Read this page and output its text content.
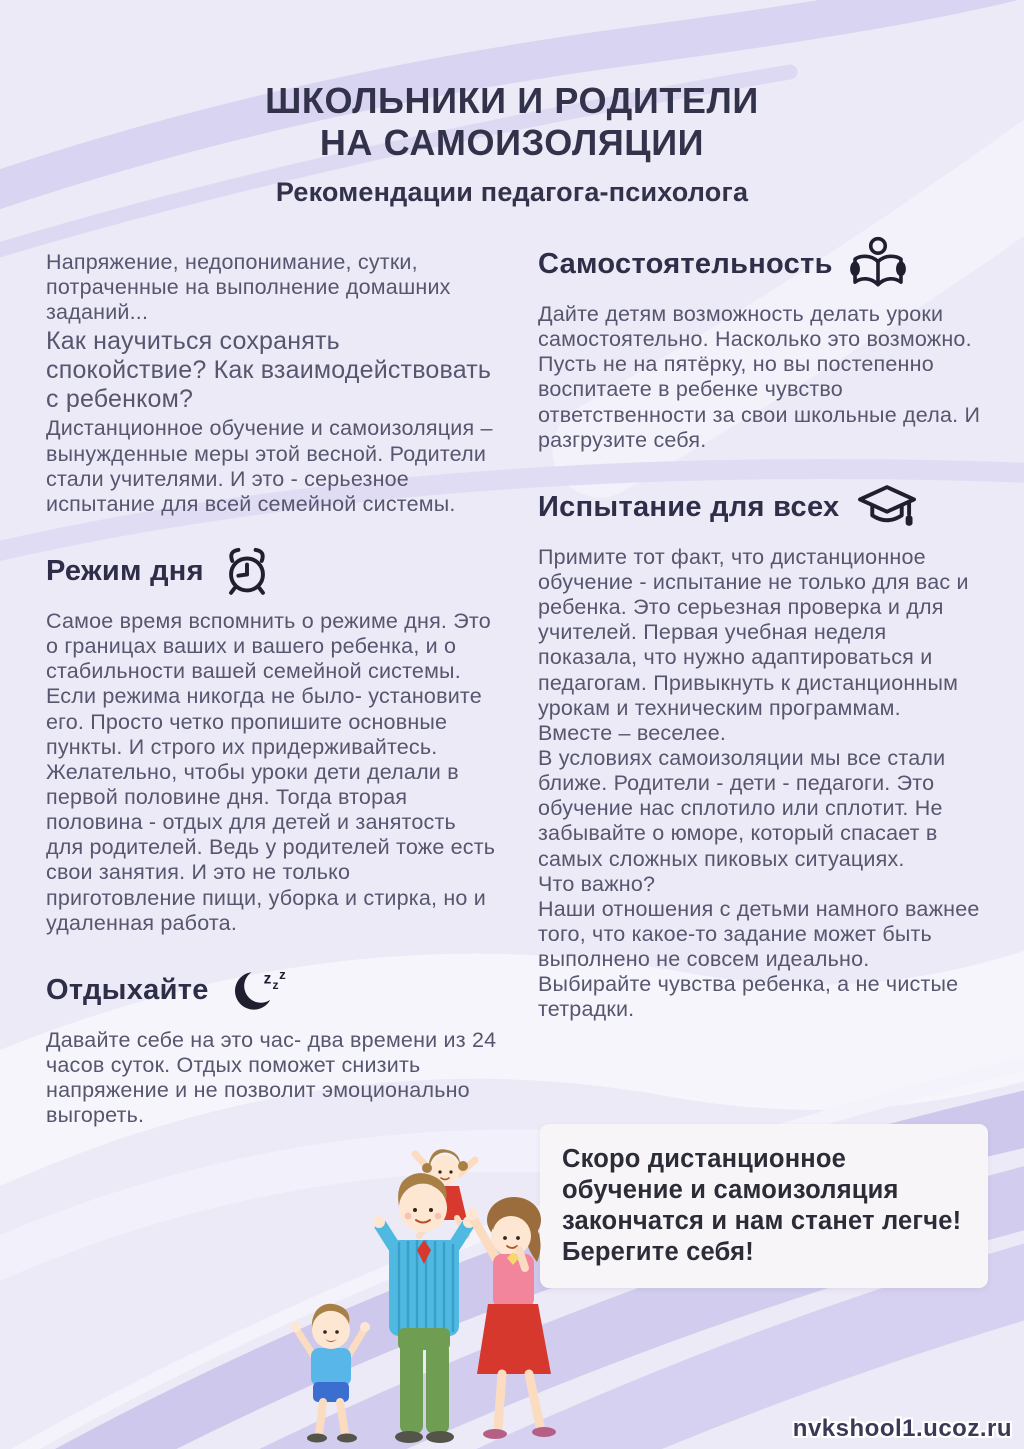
ШКОЛЬНИКИ И РОДИТЕЛИ
НА САМОИЗОЛЯЦИИ
Рекомендации педагога-психолога

Напряжение, недопонимание, сутки, потраченные на выполнение домашних заданий...

Как научиться сохранять спокойствие? Как взаимодействовать с ребенком?

Дистанционное обучение и самоизоляция – вынужденные меры этой весной. Родители стали учителями. И это - серьезное испытание для всей семейной системы.

Режим дня

Самое время вспомнить о режиме дня. Это о границах ваших и вашего ребенка, и о стабильности вашей семейной системы. Если режима никогда не было- установите его. Просто четко пропишите основные пункты. И строго их придерживайтесь. Желательно, чтобы уроки дети делали в первой половине дня. Тогда вторая половина - отдых для детей и занятость для родителей. Ведь у родителей тоже есть свои занятия. И это не только приготовление пищи, уборка и стирка, но и удаленная работа.

Отдыхайте	z z
z

Давайте себе на это час- два времени из 24 часов суток. Отдых поможет снизить напряжение и не позволит эмоционально выгореть.

Самостоятельность

Дайте детям возможность делать уроки самостоятельно. Насколько это возможно. Пусть не на пятёрку, но вы постепенно воспитаете в ребенке чувство ответственности за свои школьные дела. И разгрузите себя.

Испытание для всех

Примите тот факт, что дистанционное обучение - испытание не только для вас и ребенка. Это серьезная проверка и для учителей. Первая учебная неделя показала, что нужно адаптироваться и педагогам. Привыкнуть к дистанционным урокам и техническим программам.

Вместе – веселее.

В условиях самоизоляции мы все стали ближе. Родители - дети - педагоги. Это обучение нас сплотило или сплотит. Не забывайте о юморе, который спасает в самых сложных пиковых ситуациях.

Что важно?

Наши отношения с детьми намного важнее того, что какое-то задание может быть выполнено не совсем идеально. Выбирайте чувства ребенка, а не чистые тетрадки.

Скоро дистанционное обучение и самоизоляция закончатся и нам станет легче! Берегите себя!
nvkshool1.ucoz.ru
